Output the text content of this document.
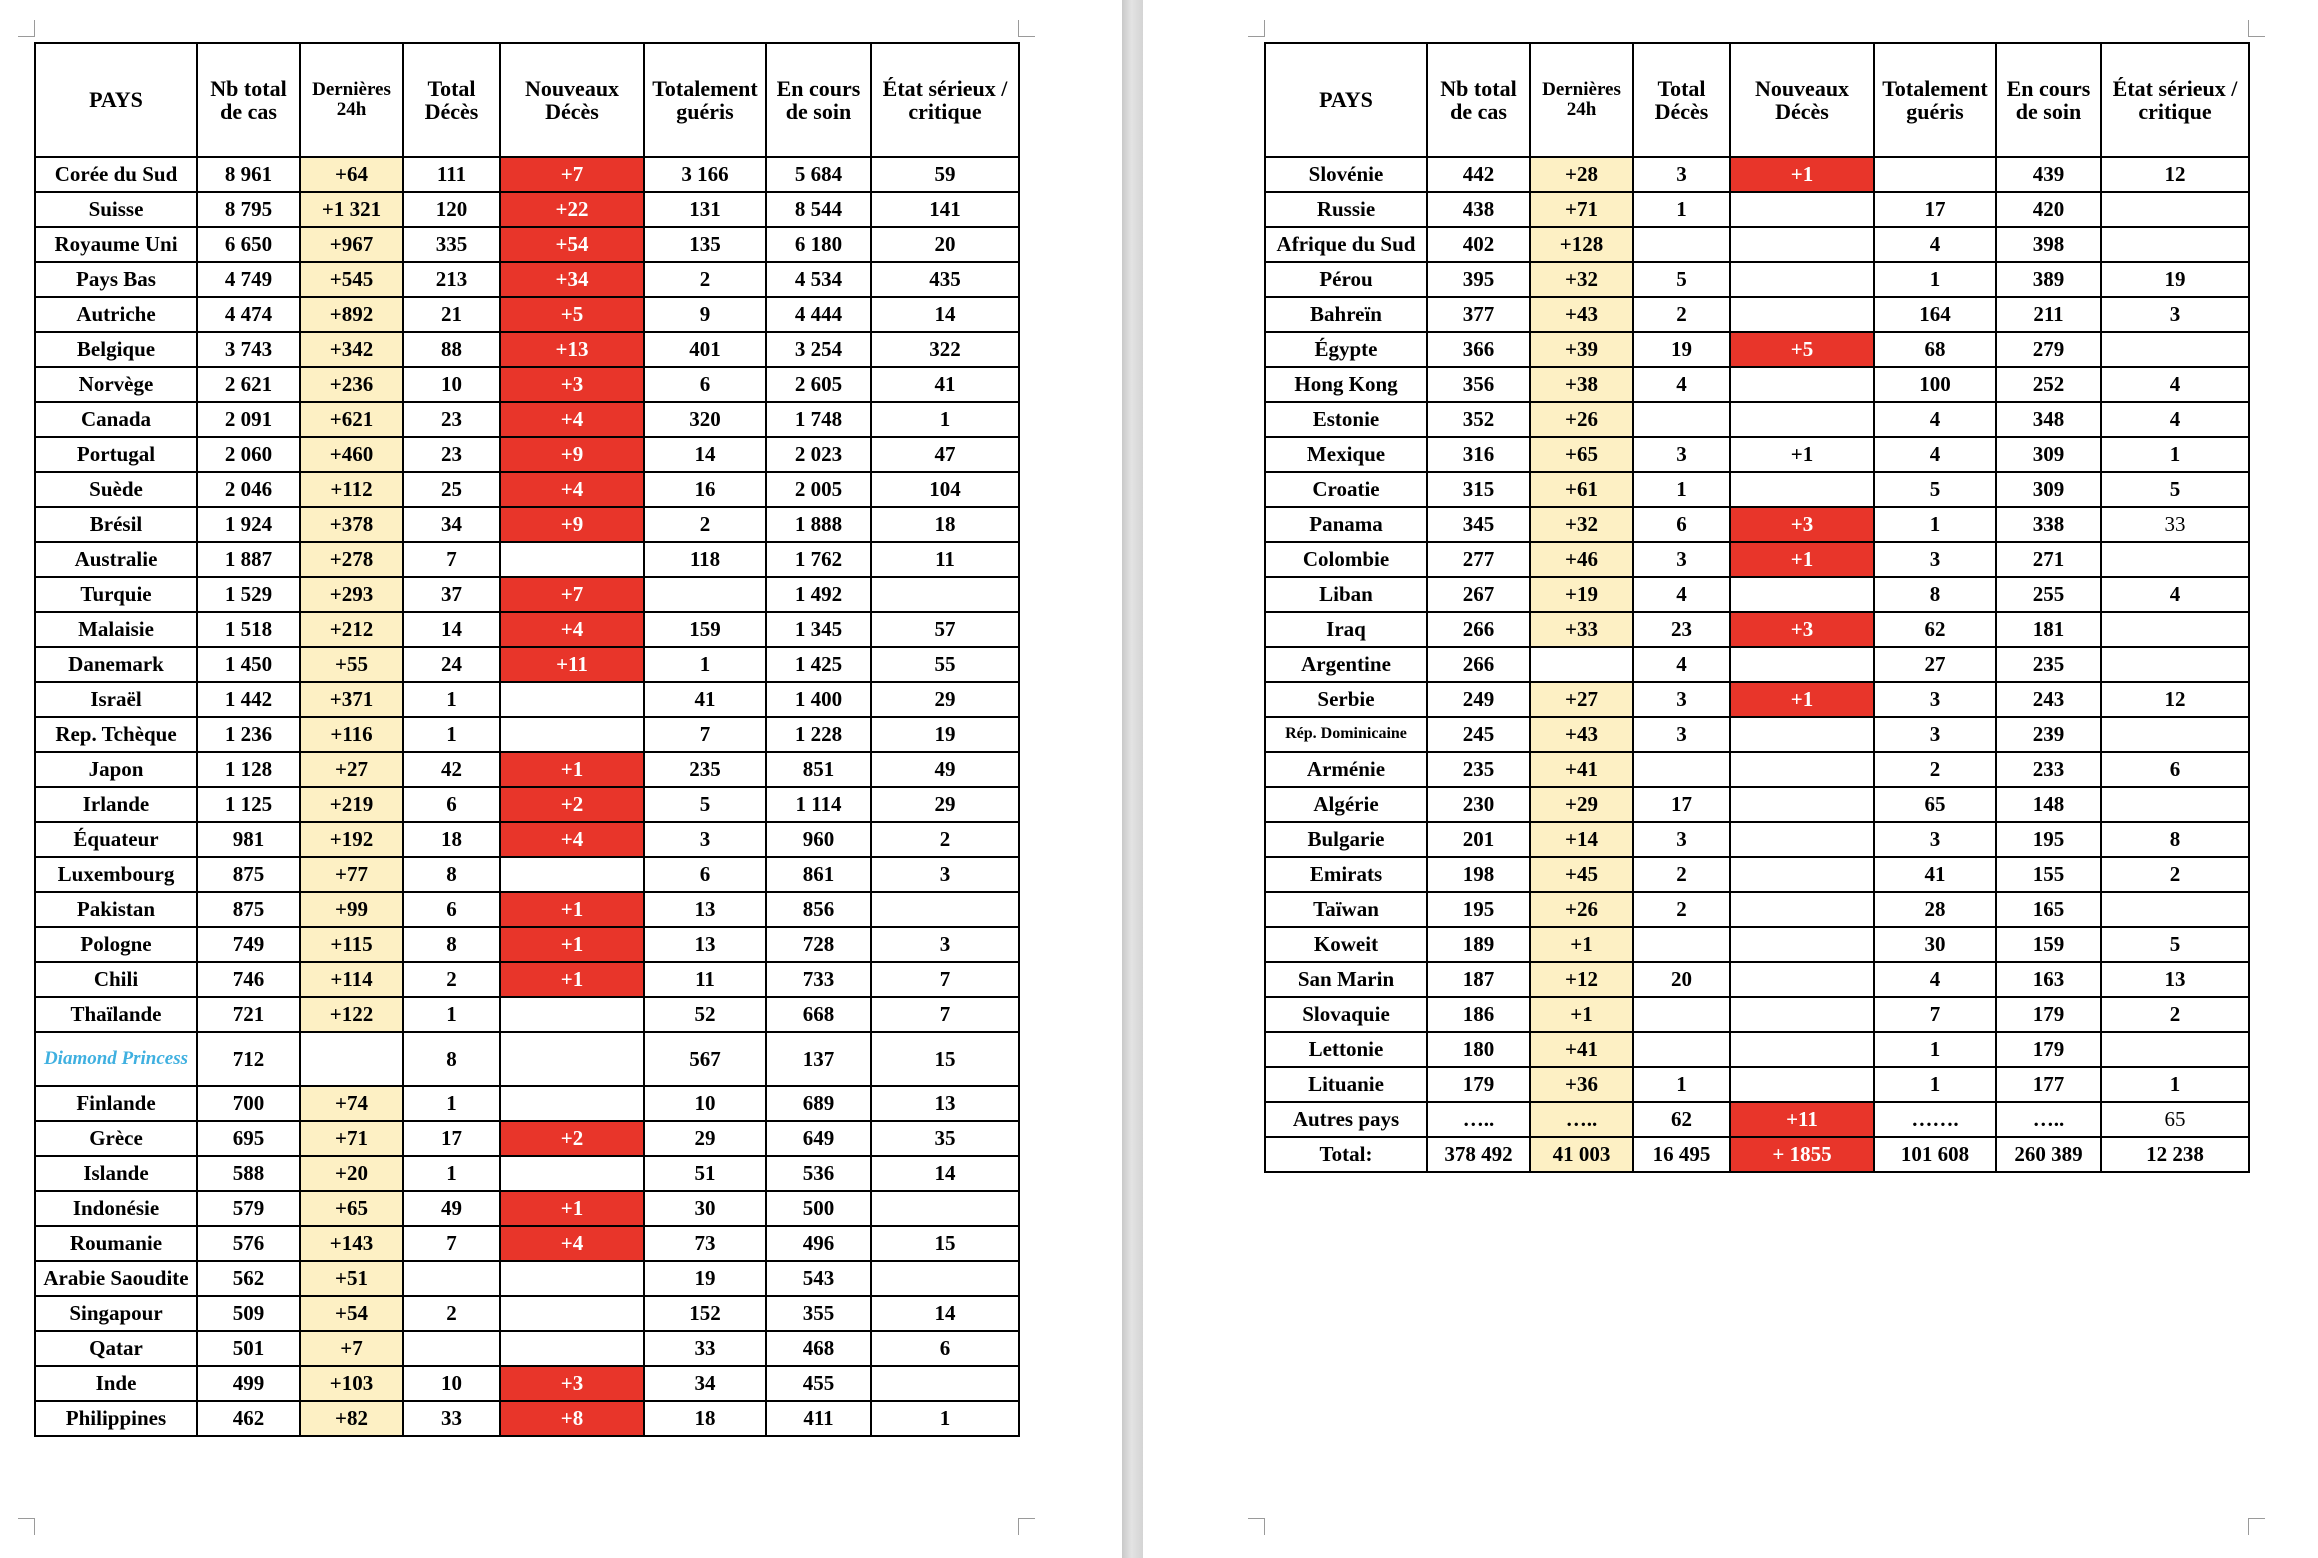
PAYS	Nb total de cas	Dernières 24h	Total Décès	Nouveaux Décès	Totalement guéris	En cours de soin	État sérieux / critique
Corée du Sud	8 961	+64	111	+7	3 166	5 684	59
Suisse	8 795	+1 321	120	+22	131	8 544	141
Royaume Uni	6 650	+967	335	+54	135	6 180	20
Pays Bas	4 749	+545	213	+34	2	4 534	435
Autriche	4 474	+892	21	+5	9	4 444	14
Belgique	3 743	+342	88	+13	401	3 254	322
Norvège	2 621	+236	10	+3	6	2 605	41
Canada	2 091	+621	23	+4	320	1 748	1
Portugal	2 060	+460	23	+9	14	2 023	47
Suède	2 046	+112	25	+4	16	2 005	104
Brésil	1 924	+378	34	+9	2	1 888	18
Australie	1 887	+278	7		118	1 762	11
Turquie	1 529	+293	37	+7		1 492	
Malaisie	1 518	+212	14	+4	159	1 345	57
Danemark	1 450	+55	24	+11	1	1 425	55
Israël	1 442	+371	1		41	1 400	29
Rep. Tchèque	1 236	+116	1		7	1 228	19
Japon	1 128	+27	42	+1	235	851	49
Irlande	1 125	+219	6	+2	5	1 114	29
Équateur	981	+192	18	+4	3	960	2
Luxembourg	875	+77	8		6	861	3
Pakistan	875	+99	6	+1	13	856	
Pologne	749	+115	8	+1	13	728	3
Chili	746	+114	2	+1	11	733	7
Thaïlande	721	+122	1		52	668	7
Diamond Princess	712		8		567	137	15
Finlande	700	+74	1		10	689	13
Grèce	695	+71	17	+2	29	649	35
Islande	588	+20	1		51	536	14
Indonésie	579	+65	49	+1	30	500	
Roumanie	576	+143	7	+4	73	496	15
Arabie Saoudite	562	+51			19	543	
Singapour	509	+54	2		152	355	14
Qatar	501	+7			33	468	6
Inde	499	+103	10	+3	34	455	
Philippines	462	+82	33	+8	18	411	1
PAYS	Nb total de cas	Dernières 24h	Total Décès	Nouveaux Décès	Totalement guéris	En cours de soin	État sérieux / critique
Slovénie	442	+28	3	+1		439	12
Russie	438	+71	1		17	420	
Afrique du Sud	402	+128			4	398	
Pérou	395	+32	5		1	389	19
Bahreïn	377	+43	2		164	211	3
Égypte	366	+39	19	+5	68	279	
Hong Kong	356	+38	4		100	252	4
Estonie	352	+26			4	348	4
Mexique	316	+65	3	+1	4	309	1
Croatie	315	+61	1		5	309	5
Panama	345	+32	6	+3	1	338	33
Colombie	277	+46	3	+1	3	271	
Liban	267	+19	4		8	255	4
Iraq	266	+33	23	+3	62	181	
Argentine	266		4		27	235	
Serbie	249	+27	3	+1	3	243	12
Rép. Dominicaine	245	+43	3		3	239	
Arménie	235	+41			2	233	6
Algérie	230	+29	17		65	148	
Bulgarie	201	+14	3		3	195	8
Emirats	198	+45	2		41	155	2
Taïwan	195	+26	2		28	165	
Koweit	189	+1			30	159	5
San Marin	187	+12	20		4	163	13
Slovaquie	186	+1			7	179	2
Lettonie	180	+41			1	179	
Lituanie	179	+36	1		1	177	1
Autres pays	…..	…..	62	+11	…….	…..	65
Total:	378 492	41 003	16 495	+ 1855	101 608	260 389	12 238
